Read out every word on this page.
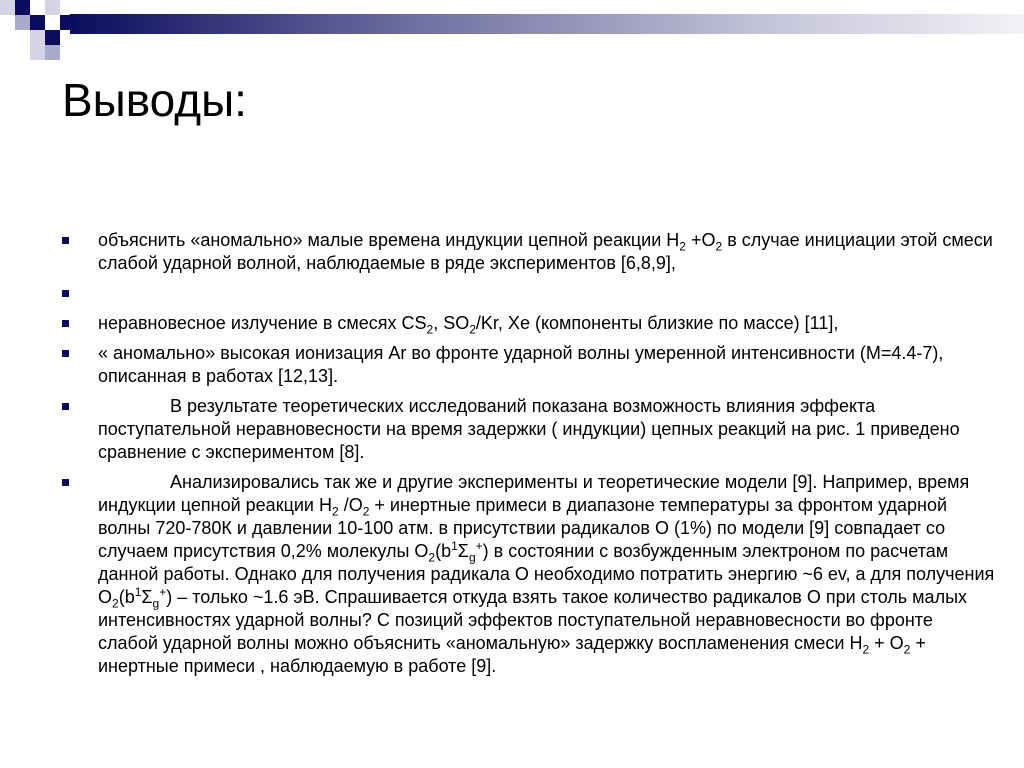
Выводы:
объяснить «аномально» малые времена индукции цепной реакции $H_2 +O_2$ в случае инициации этой смеси слабой ударной волной, наблюдаемые в ряде экспериментов [6,8,9],
неравновесное излучение в смесях $CS_2$, $SO_2/Kr$, Xe (компоненты близкие по массе) [11],
« аномально» высокая ионизация Ar во фронте ударной волны умеренной интенсивности (M=4.4-7), описанная в работах [12,13].
В результате теоретических исследований показана возможность влияния эффекта поступательной неравновесности на время задержки ( индукции) цепных реакций на рис. 1 приведено сравнение с экспериментом [8].
Анализировались так же и другие эксперименты и теоретические модели [9]. Например, время индукции цепной реакции $H_2$ $/O_2$ + инертные примеси в диапазоне температуры за фронтом ударной волны 720-780К и давлении 10-100 атм. в присутствии радикалов O (1%) по модели [9] совпадает со случаем присутствия 0,2% молекулы $O_2(b^1\Sigma_g^+)$ в состоянии с возбужденным электроном по расчетам данной работы. Однако для получения радикала O необходимо потратить энергию ~6 ev, а для получения $O_2(b^1\Sigma_g^+)$ – только ~1.6 эВ. Спрашивается откуда взять такое количество радикалов O при столь малых интенсивностях ударной волны? С позиций эффектов поступательной неравновесности во фронте слабой ударной волны можно объяснить «аномальную» задержку воспламенения смеси $H_2 + O_2$ + инертные примеси , наблюдаемую в работе [9].
